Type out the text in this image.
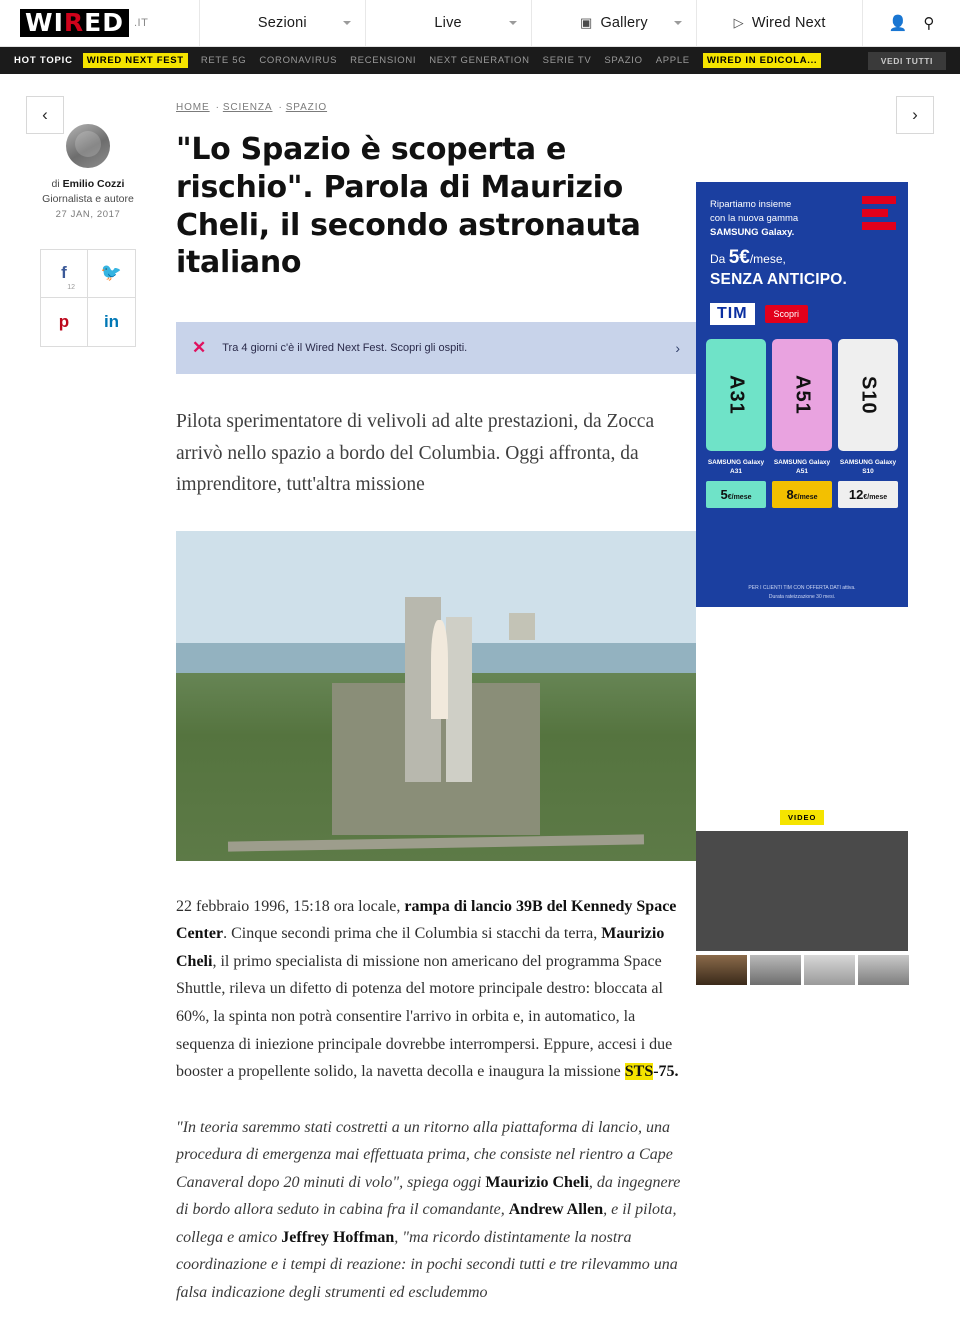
WIRED .IT	Sezioni	Live	▣ Gallery	▷ Wired Next	👤 ⚲
HOT TOPIC	WIRED NEXT FEST	RETE 5G CORONAVIRUS RECENSIONI NEXT GENERATION SERIE TV SPAZIO APPLE	WIRED IN EDICOLA...	VEDI TUTTI
‹	›
di Emilio Cozzi
Giornalista e autore
27 JAN, 2017
f
12
🐦
p in
HOME · SCIENZA · SPAZIO
"Lo Spazio è scoperta e rischio". Parola di Maurizio Cheli, il secondo astronauta italiano
✕ Tra 4 giorni c'è il Wired Next Fest. Scopri gli ospiti.	›
Pilota sperimentatore di velivoli ad alte prestazioni, da Zocca arrivò nello spazio a bordo del Columbia. Oggi affronta, da imprenditore, tutt'altra missione

22 febbraio 1996, 15:18 ora locale, rampa di lancio 39B del Kennedy Space Center. Cinque secondi prima che il Columbia si stacchi da terra, Maurizio Cheli, il primo specialista di missione non americano del programma Space Shuttle, rileva un difetto di potenza del motore principale destro: bloccata al 60%, la spinta non potrà consentire l'arrivo in orbita e, in automatico, la sequenza di iniezione principale dovrebbe interrompersi. Eppure, accesi i due booster a propellente solido, la navetta decolla e inaugura la missione STS-75.

"In teoria saremmo stati costretti a un ritorno alla piattaforma di lancio, una procedura di emergenza mai effettuata prima, che consiste nel rientro a Cape Canaveral dopo 20 minuti di volo", spiega oggi Maurizio Cheli, da ingegnere di bordo allora seduto in cabina fra il comandante, Andrew Allen, e il pilota, collega e amico Jeffrey Hoffman, "ma ricordo distintamente la nostra coordinazione e i tempi di reazione: in pochi secondi tutti e tre rilevammo una falsa indicazione degli strumenti ed escludemmo

Ripartiamo insieme
con la nuova gamma
SAMSUNG Galaxy.
Da 5€/mese,
SENZA ANTICIPO.
TIM	Scopri
A31	A51	S10
SAMSUNG Galaxy A31
5€/mese
SAMSUNG Galaxy A51
8€/mese
SAMSUNG Galaxy S10
12€/mese
PER I CLIENTI TIM CON OFFERTA DATI attiva.
Durata rateizzazione 30 mesi.
VIDEO
